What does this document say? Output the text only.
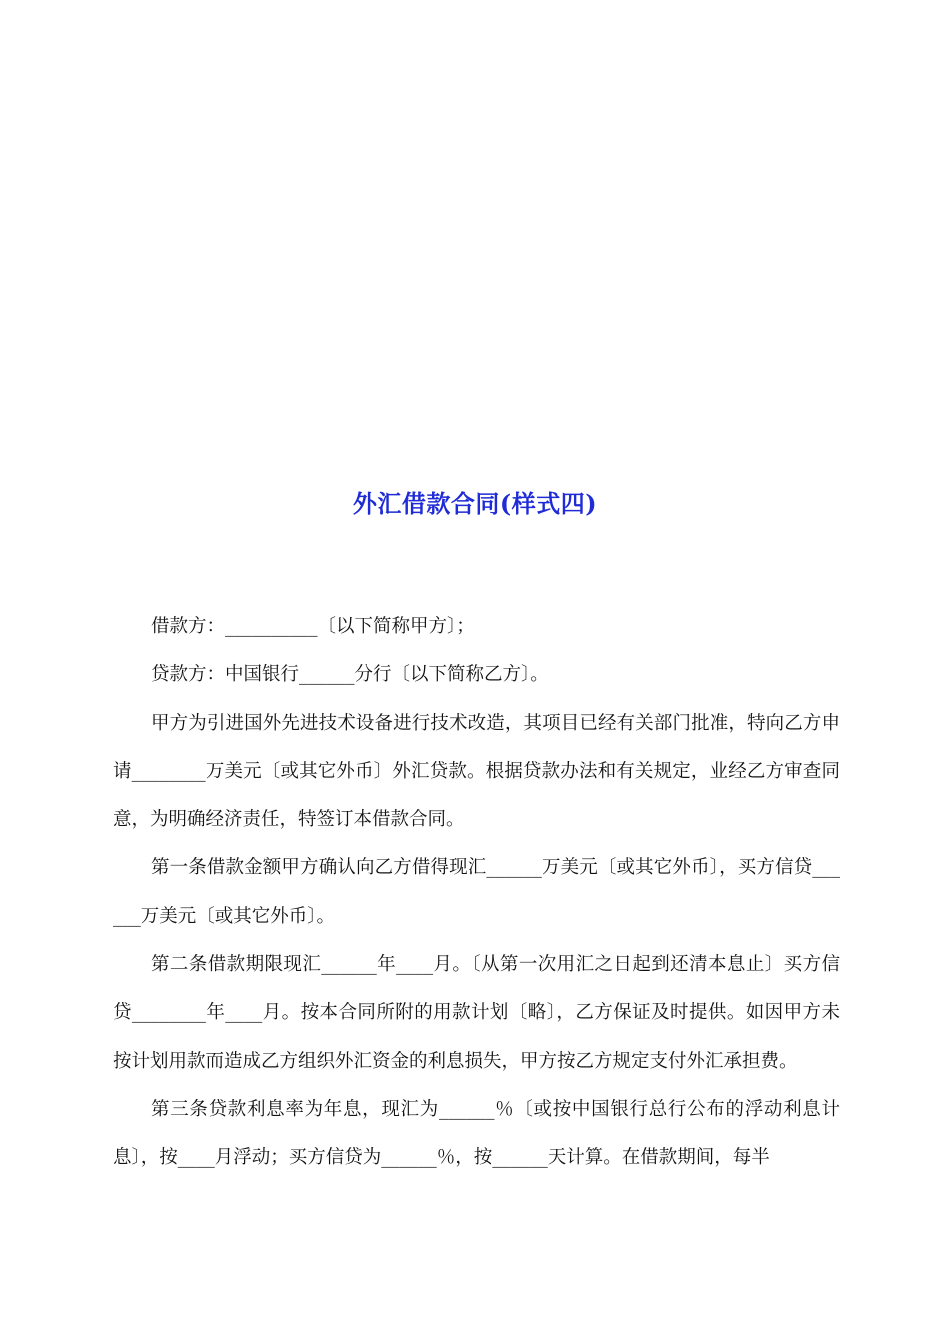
外汇借款合同(样式四)

借款方：__________〔以下简称甲方〕；

贷款方：中国银行______分行〔以下简称乙方〕。

甲方为引进国外先进技术设备进行技术改造，其项目已经有关部门批准，特向乙方申请________万美元〔或其它外币〕外汇贷款。根据贷款办法和有关规定，业经乙方审查同意，为明确经济责任，特签订本借款合同。

第一条借款金额甲方确认向乙方借得现汇______万美元〔或其它外币〕，买方信贷______万美元〔或其它外币〕。

第二条借款期限现汇______年____月。〔从第一次用汇之日起到还清本息止〕买方信贷________年____月。按本合同所附的用款计划〔略〕，乙方保证及时提供。如因甲方未按计划用款而造成乙方组织外汇资金的利息损失，甲方按乙方规定支付外汇承担费。

第三条贷款利息率为年息，现汇为______％〔或按中国银行总行公布的浮动利息计息〕，按____月浮动；买方信贷为______％，按______天计算。在借款期间，每半
